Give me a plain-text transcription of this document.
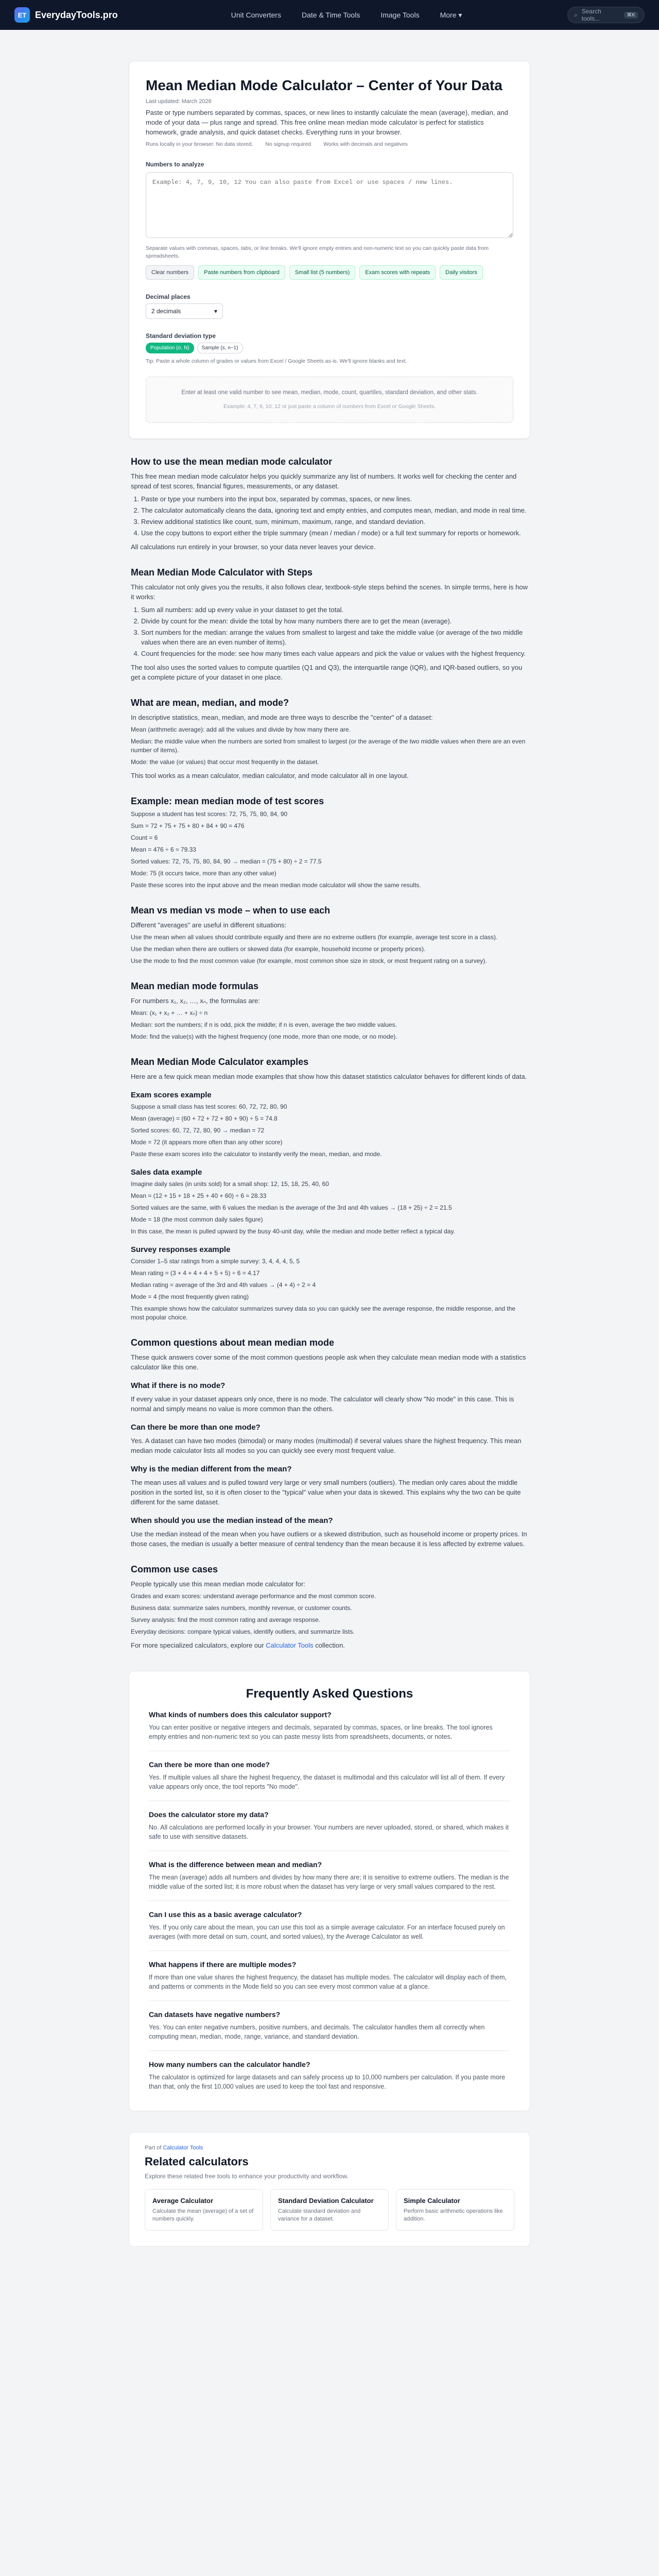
ET EverydayTools.pro	Unit Converters	Date & Time Tools	Image Tools	More ▾	⌕ Search tools...	⌘K
Mean Median Mode Calculator – Center of Your Data
Last updated: March 2026

Paste or type numbers separated by commas, spaces, or new lines to instantly calculate the mean (average), median, and mode of your data — plus range and spread. This free online mean median mode calculator is perfect for statistics homework, grade analysis, and quick dataset checks. Everything runs in your browser.

Runs locally in your browser. No data stored. No signup required Works with decimals and negatives
Numbers to analyze
Example: 4, 7, 9, 10, 12 You can also paste from Excel or use spaces / new lines.
Separate values with commas, spaces, tabs, or line breaks. We'll ignore empty entries and non-numeric text so you can quickly paste data from spreadsheets.
Clear numbers	Paste numbers from clipboard	Small list (5 numbers)	Exam scores with repeats	Daily visitors
Decimal places
2 decimals	▾
Standard deviation type
Population (σ, N)	Sample (s, n−1)
Tip: Paste a whole column of grades or values from Excel / Google Sheets as-is. We'll ignore blanks and text.
Enter at least one valid number to see mean, median, mode, count, quartiles, standard deviation, and other stats.
Example: 4, 7, 9, 10, 12 or just paste a column of numbers from Excel or Google Sheets.
How to use the mean median mode calculator

This free mean median mode calculator helps you quickly summarize any list of numbers. It works well for checking the center and spread of test scores, financial figures, measurements, or any dataset.

1. Paste or type your numbers into the input box, separated by commas, spaces, or new lines.
2. The calculator automatically cleans the data, ignoring text and empty entries, and computes mean, median, and mode in real time.
3. Review additional statistics like count, sum, minimum, maximum, range, and standard deviation.
4. Use the copy buttons to export either the triple summary (mean / median / mode) or a full text summary for reports or homework.

All calculations run entirely in your browser, so your data never leaves your device.

Mean Median Mode Calculator with Steps

This calculator not only gives you the results, it also follows clear, textbook-style steps behind the scenes. In simple terms, here is how it works:

1. Sum all numbers: add up every value in your dataset to get the total.
2. Divide by count for the mean: divide the total by how many numbers there are to get the mean (average).
3. Sort numbers for the median: arrange the values from smallest to largest and take the middle value (or average of the two middle values when there are an even number of items).
4. Count frequencies for the mode: see how many times each value appears and pick the value or values with the highest frequency.

The tool also uses the sorted values to compute quartiles (Q1 and Q3), the interquartile range (IQR), and IQR-based outliers, so you get a complete picture of your dataset in one place.

What are mean, median, and mode?

In descriptive statistics, mean, median, and mode are three ways to describe the "center" of a dataset:

Mean (arithmetic average): add all the values and divide by how many there are.
Median: the middle value when the numbers are sorted from smallest to largest (or the average of the two middle values when there are an even number of items).
Mode: the value (or values) that occur most frequently in the dataset.

This tool works as a mean calculator, median calculator, and mode calculator all in one layout.

Example: mean median mode of test scores
Suppose a student has test scores: 72, 75, 75, 80, 84, 90
Sum = 72 + 75 + 75 + 80 + 84 + 90 = 476
Count = 6
Mean = 476 ÷ 6 ≈ 79.33
Sorted values: 72, 75, 75, 80, 84, 90 → median = (75 + 80) ÷ 2 = 77.5
Mode: 75 (it occurs twice, more than any other value)
Paste these scores into the input above and the mean median mode calculator will show the same results.
Mean vs median vs mode – when to use each

Different "averages" are useful in different situations:

Use the mean when all values should contribute equally and there are no extreme outliers (for example, average test score in a class).
Use the median when there are outliers or skewed data (for example, household income or property prices).
Use the mode to find the most common value (for example, most common shoe size in stock, or most frequent rating on a survey).
Mean median mode formulas

For numbers x₁, x₂, …, xₙ, the formulas are:

Mean: (x₁ + x₂ + … + xₙ) ÷ n
Median: sort the numbers; if n is odd, pick the middle; if n is even, average the two middle values.
Mode: find the value(s) with the highest frequency (one mode, more than one mode, or no mode).
Mean Median Mode Calculator examples

Here are a few quick mean median mode examples that show how this dataset statistics calculator behaves for different kinds of data.

Exam scores example
Suppose a small class has test scores: 60, 72, 72, 80, 90
Mean (average) = (60 + 72 + 72 + 80 + 90) ÷ 5 = 74.8
Sorted scores: 60, 72, 72, 80, 90 → median = 72
Mode = 72 (it appears more often than any other score)
Paste these exam scores into the calculator to instantly verify the mean, median, and mode.
Sales data example
Imagine daily sales (in units sold) for a small shop: 12, 15, 18, 25, 40, 60
Mean = (12 + 15 + 18 + 25 + 40 + 60) ÷ 6 ≈ 28.33
Sorted values are the same, with 6 values the median is the average of the 3rd and 4th values → (18 + 25) ÷ 2 = 21.5
Mode = 18 (the most common daily sales figure)
In this case, the mean is pulled upward by the busy 40-unit day, while the median and mode better reflect a typical day.
Survey responses example
Consider 1–5 star ratings from a simple survey: 3, 4, 4, 4, 5, 5
Mean rating = (3 + 4 + 4 + 4 + 5 + 5) ÷ 6 = 4.17
Median rating = average of the 3rd and 4th values → (4 + 4) ÷ 2 = 4
Mode = 4 (the most frequently given rating)
This example shows how the calculator summarizes survey data so you can quickly see the average response, the middle response, and the most popular choice.
Common questions about mean median mode

These quick answers cover some of the most common questions people ask when they calculate mean median mode with a statistics calculator like this one.

What if there is no mode?

If every value in your dataset appears only once, there is no mode. The calculator will clearly show "No mode" in this case. This is normal and simply means no value is more common than the others.

Can there be more than one mode?

Yes. A dataset can have two modes (bimodal) or many modes (multimodal) if several values share the highest frequency. This mean median mode calculator lists all modes so you can quickly see every most frequent value.

Why is the median different from the mean?

The mean uses all values and is pulled toward very large or very small numbers (outliers). The median only cares about the middle position in the sorted list, so it is often closer to the "typical" value when your data is skewed. This explains why the two can be quite different for the same dataset.

When should you use the median instead of the mean?

Use the median instead of the mean when you have outliers or a skewed distribution, such as household income or property prices. In those cases, the median is usually a better measure of central tendency than the mean because it is less affected by extreme values.

Common use cases

People typically use this mean median mode calculator for:

Grades and exam scores: understand average performance and the most common score.
Business data: summarize sales numbers, monthly revenue, or customer counts.
Survey analysis: find the most common rating and average response.
Everyday decisions: compare typical values, identify outliers, and summarize lists.

For more specialized calculators, explore our Calculator Tools collection.

Frequently Asked Questions
What kinds of numbers does this calculator support?
You can enter positive or negative integers and decimals, separated by commas, spaces, or line breaks. The tool ignores empty entries and non-numeric text so you can paste messy lists from spreadsheets, documents, or notes.
Can there be more than one mode?
Yes. If multiple values all share the highest frequency, the dataset is multimodal and this calculator will list all of them. If every value appears only once, the tool reports "No mode".
Does the calculator store my data?
No. All calculations are performed locally in your browser. Your numbers are never uploaded, stored, or shared, which makes it safe to use with sensitive datasets.
What is the difference between mean and median?
The mean (average) adds all numbers and divides by how many there are; it is sensitive to extreme outliers. The median is the middle value of the sorted list; it is more robust when the dataset has very large or very small values compared to the rest.
Can I use this as a basic average calculator?
Yes. If you only care about the mean, you can use this tool as a simple average calculator. For an interface focused purely on averages (with more detail on sum, count, and sorted values), try the Average Calculator as well.
What happens if there are multiple modes?
If more than one value shares the highest frequency, the dataset has multiple modes. The calculator will display each of them, and patterns or comments in the Mode field so you can see every most common value at a glance.
Can datasets have negative numbers?
Yes. You can enter negative numbers, positive numbers, and decimals. The calculator handles them all correctly when computing mean, median, mode, range, variance, and standard deviation.
How many numbers can the calculator handle?
The calculator is optimized for large datasets and can safely process up to 10,000 numbers per calculation. If you paste more than that, only the first 10,000 values are used to keep the tool fast and responsive.
Part of Calculator Tools
Related calculators
Explore these related free tools to enhance your productivity and workflow.
Average Calculator
Calculate the mean (average) of a set of numbers quickly.
Standard Deviation Calculator
Calculate standard deviation and variance for a dataset.
Simple Calculator
Perform basic arithmetic operations like addition.
